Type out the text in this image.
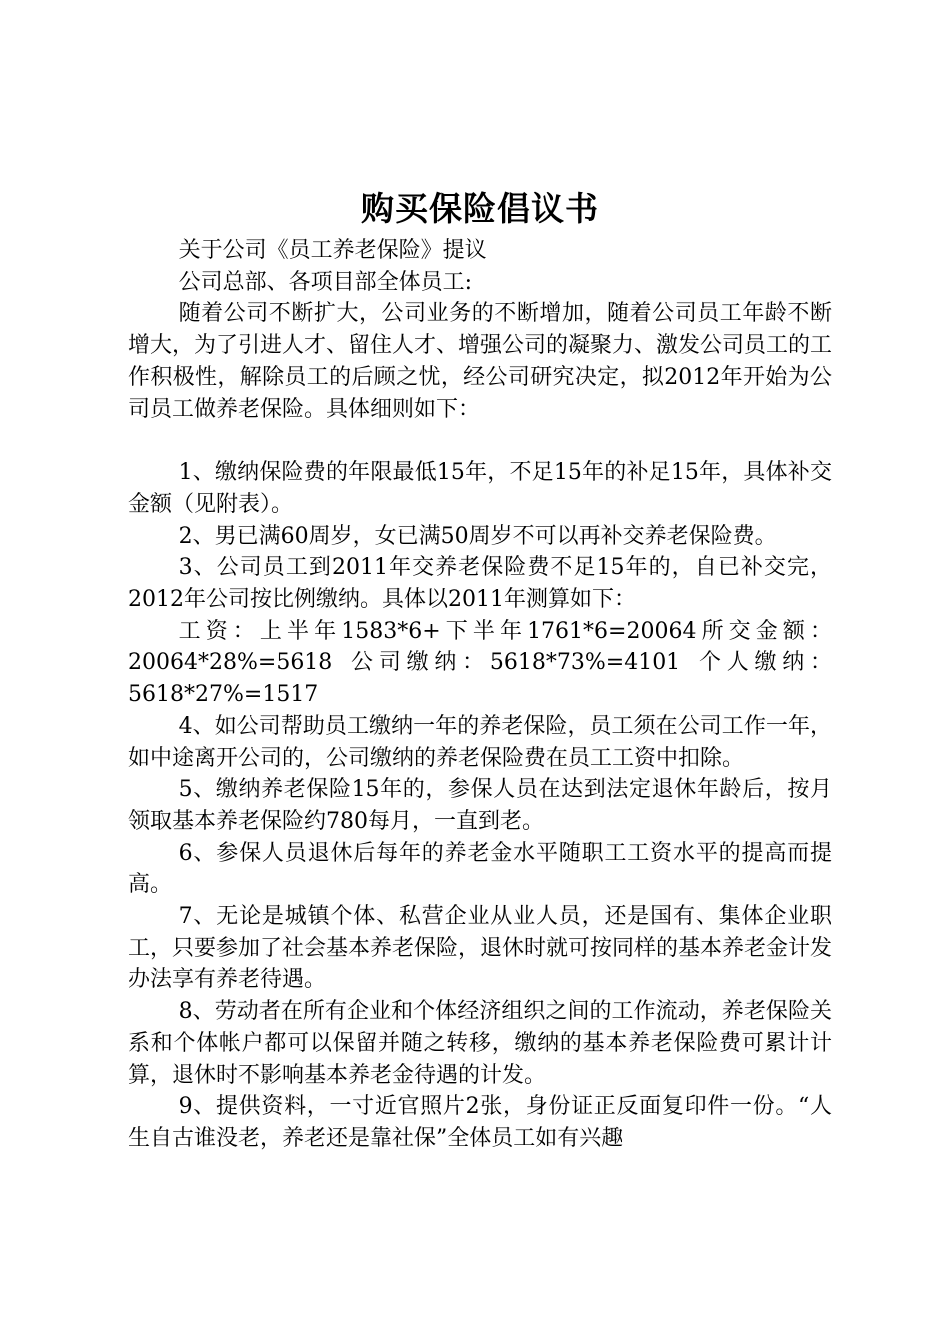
购买保险倡议书

关于公司《员工养老保险》提议

公司总部、各项目部全体员工:

随着公司不断扩大，公司业务的不断增加，随着公司员工年龄不断增大，为了引进人才、留住人才、增强公司的凝聚力、激发公司员工的工作积极性，解除员工的后顾之忧，经公司研究决定，拟2012年开始为公司员工做养老保险。具体细则如下：

1、缴纳保险费的年限最低15年，不足15年的补足15年，具体补交金额（见附表）。

2、男已满60周岁，女已满50周岁不可以再补交养老保险费。

3、公司员工到2011年交养老保险费不足15年的，自已补交完，2012年公司按比例缴纳。具体以2011年测算如下：

工资：上半年1583*6+下半年1761*6=20064所交金额：20064*28%=5618 公司缴纳：5618*73%=4101 个人缴纳：5618*27%=1517

4、如公司帮助员工缴纳一年的养老保险，员工须在公司工作一年，如中途离开公司的，公司缴纳的养老保险费在员工工资中扣除。

5、缴纳养老保险15年的，参保人员在达到法定退休年龄后，按月领取基本养老保险约780每月，一直到老。

6、参保人员退休后每年的养老金水平随职工工资水平的提高而提高。

7、无论是城镇个体、私营企业从业人员，还是国有、集体企业职工，只要参加了社会基本养老保险，退休时就可按同样的基本养老金计发办法享有养老待遇。

8、劳动者在所有企业和个体经济组织之间的工作流动，养老保险关系和个体帐户都可以保留并随之转移，缴纳的基本养老保险费可累计计算，退休时不影响基本养老金待遇的计发。

9、提供资料，一寸近官照片2张，身份证正反面复印件一份。“人生自古谁没老，养老还是靠社保”全体员工如有兴趣
